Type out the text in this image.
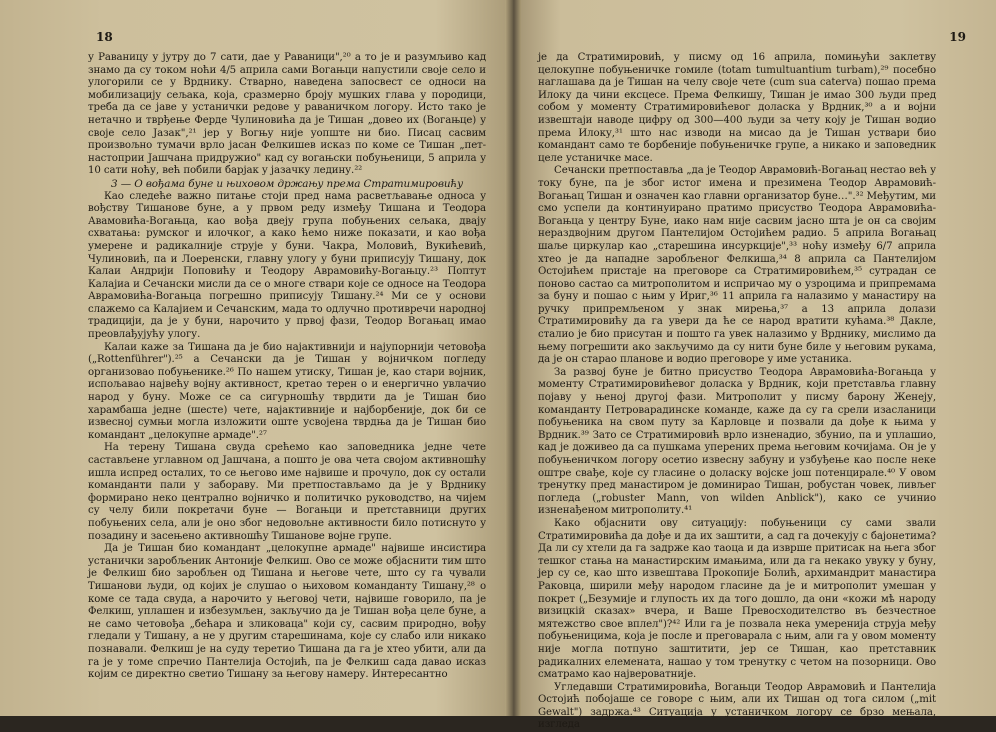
18

у Раваницу у јутру до 7 сати, дае у Раваници",²⁰ а то је и разумљиво кад знамо да су током ноћи 4/5 априла сами Вогањци напустили своје село и улогорили се у Врднику. Стварно, наведена запосвест се односи на мобилизацију сељака, која, сразмерно броју мушких глава у породици, треба да се јаве у устанички редове у раваничком логору. Исто тако је нетачно и тврђење Ферде Чулиновића да је Тишан „довео их (Вогањце) у своје село Јазак",²¹ јер у Вогњу није уопште ни био. Писац сасвим произвољно тумачи врло јасан Фелкишев исказ по коме се Тишан „пет-настоприи Јашчана придружио" кад су вогањски побуњеници, 5 априла у 10 сати ноћу, већ побили барјак у јазачку ледину.²²

3 — О вођама буне и њиховом држању према Стратимировићу

Као следеће важно питање стоји пред нама расветљавање односа у вођству Тишанове буне, а у првом реду између Тишана и Теодора Авамовића-Вогањца, као вођа двеју група побуњених сељака, двају схватања: румског и илочког, а како ћемо ниже показати, и као вођа умерене и радикалније струје у буни. Чакра, Моловић, Вукићевић, Чулиновић, па и Лоеренски, главну улогу у буни приписују Тишану, док Калаи Андрији Поповићу и Теодору Аврамовићу-Вогањцу.²³ Поптут Калајиа и Сечански мисли да се о многе ствари које се односе на Теодора Аврамовића-Вогањца погрешно приписују Тишану.²⁴ Ми се у основи слажемо са Калајием и Сечанским, мада то одлучно противречи народној традицији, да је у буни, нарочито у првој фази, Теодор Вогањац имао преовлађујућу улогу.

Калаи каже за Тишана да је био најактивнији и најупорнији четовођа („Rottenführer").²⁵ а Сечански да је Тишан у војничком погледу организовао побуњенике.²⁶ По нашем утиску, Тишан је, као стари војник, испољавао највећу војну активност, кретао терен о и енергично увлачио народ у буну. Може се са сигурношћу тврдити да је Тишан био харамбаша једне (шесте) чете, најактивније и најборбеније, док би се извесној сумњи могла изложити оште усвојена тврдња да је Тишан био командант „целокупне армаде".²⁷

На терену Тишана свуда срећемо као заповедника једне чете састављене углавном од Јашчана, а пошто је ова чета својом активношћу ишла испред осталих, то се његово име највише и прочуло, док су остали команданти пали у забораву. Ми претпостављамо да је у Врднику формирано неко централно војничко и политичко руководство, на чијем су челу били покретачи буне — Вогањци и претставници других побуњених села, али је оно због недовољне активности било потиснуто у позадину и засењено активношћу Тишанове војне групе.

Да је Тишан био командант „целокупне армаде" највише инсистира устанички заробљеник Антоније Фелкиш. Ово се може објаснити тим што је Фелкиш био заробљен од Тишана и његове чете, што су га чували Тишанови људи, од којих је слушао о њиховом команданту Тишану,²⁸ о коме се тада свуда, а нарочито у његовој чети, највише говорило, па је Фелкиш, уплашен и избезумљен, закључио да је Тишан вођа целе буне, а не само четовођа „бећара и зликоваца" који су, сасвим природно, вођу гледали у Тишану, а не у другим старешинама, које су слабо или никако познавали. Фелкиш је на суду теретио Тишана да га је хтео убити, али да га је у томе спречио Пантелија Остојић, па је Фелкиш сада давао исказ којим се директно светио Тишану за његову намеру. Интересантно

19

је да Стратимировић, у писму од 16 априла, помињући заклетву целокупне побуњеничке гомиле (totam tumultuantium turbam),²⁹ посебно наглашава да је Тишан на челу своје чете (cum sua caterva) пошао према Илоку да чини ексцесе. Према Фелкишу, Тишан је имао 300 људи пред собом у моменту Стратимировићевог доласка у Врдник,³⁰ а и војни извештаји наводе цифру од 300—400 људи за чету коју је Тишан водио према Илоку,³¹ што нас изводи на мисао да је Тишан уствари био командант само те борбеније побуњеничке групе, а никако и заповедник целе устаничке масе.

Сечански претпоставља „да је Теодор Аврамовић-Вогањац нестао већ у току буне, па је због истог имена и презимена Теодор Аврамовић-Вогањац Тишан и означен као главни организатор буне…".³² Међутим, ми смо успели да континуирано пратимо присуство Теодора Аврамовића-Вогањца у центру Буне, иако нам није сасвим јасно шта је он са својим нераздвојним другом Пантелијом Остојићем радио. 5 априла Вогањац шаље циркулар као „старешина инсуркције",³³ ноћу између 6/7 априла хтео је да нападне заробљеног Фелкиша,³⁴ 8 априла са Пантелијом Остојићем пристаје на преговоре са Стратимировићем,³⁵ сутрадан се поново састао са митрополитом и испричао му о узроцима и припремама за буну и пошао с њим у Ириг,³⁶ 11 априла га налазимо у манастиру на ручку припремљеном у знак мирења,³⁷ а 13 априла долази Стратимировићу да га увери да ће се народ вратити кућама.³⁸ Дакле, сталио је био присутан и пошто га увек налазимо у Врднику, мислимо да њему погрешити ако закључимо да су нити буне биле у његовим рукама, да је он старао планове и водио преговоре у име устаника.

За развој буне је битно присуство Теодора Аврамовића-Вогањца у моменту Стратимировићевог доласка у Врдник, који претставља главну појаву у њеној другој фази. Митрополит у писму барону Женеју, команданту Петроварадинске команде, каже да су га срели изасланици побуњеника на свом путу за Карловце и позвали да дође к њима у Врдник.³⁹ Зато се Стратимировић врло изненадио, збунио, па и уплашио, кад је доживео да са пушкама уперених према његовим кочијама. Он је у побуњеничком логору осетио извесну забуну и узбуђење као после неке оштре свађе, које су гласине о доласку војске још потенцирале.⁴⁰ У овом тренутку пред манастиром је доминирао Тишан, робустан човек, ливљег погледа („robuster Mann, von wilden Anblick"), како се учинио изненађеном митрополиту.⁴¹

Како објаснити ову ситуацију: побуњеници су сами звали Стратимировића да дође и да их заштити, а сад га дочекују с бајонетима? Да ли су хтели да га задрже као таоца и да изврше притисак на њега због тешког стања на манастирским имањима, или да га некако увуку у буну, јер су се, као што извештава Прокопије Болић, архимандрит манастира Раковца, ширили међу народом гласине да је и митрополит умешан у покрет („Безумије и глупость их да того дошло, да они «кожи мѣ народу визицкій сказах» вчера, и Ваше Превосходителство въ безчестное мятежство свое вплел")?⁴² Или га је позвала нека умеренија струја међу побуњеницима, која је после и преговарала с њим, али га у овом моменту није могла потпуно заштитити, јер се Тишан, као претставник радикалних елемената, нашао у том тренутку с четом на позорници. Ово сматрамо као највероватније.

Угледавши Стратимировића, Вогањци Теодор Аврамовић и Пантелија Остојић побојаше се говоре с њим, али их Тишан од тога силом („mit Gewalt") задржа.⁴³ Ситуација у устаничком логору се брзо мењала, изгледа
